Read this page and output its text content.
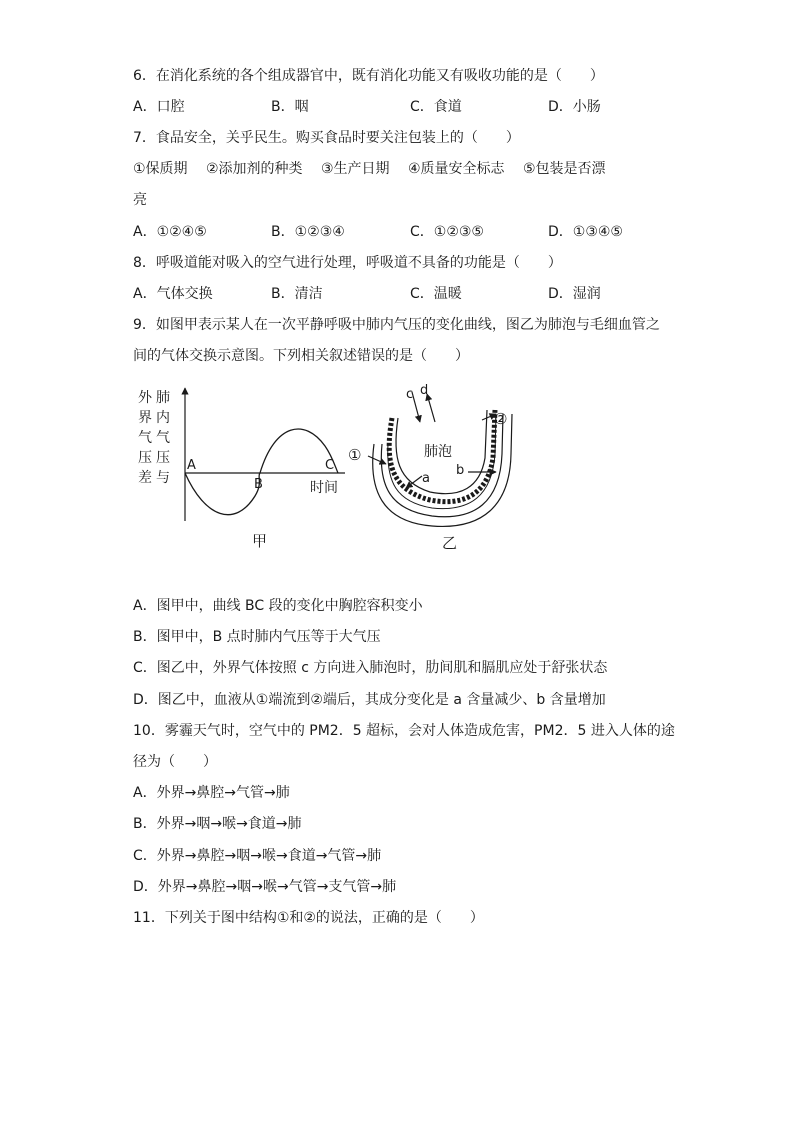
6．在消化系统的各个组成器官中，既有消化功能又有吸收功能的是（　　）
A．口腔	B．咽	C．食道	D．小肠
7．食品安全，关乎民生。购买食品时要关注包装上的（　　）
①保质期　 ②添加剂的种类　 ③生产日期　 ④质量安全标志　 ⑤包装是否漂
亮
A．①②④⑤	B．①②③④	C．①②③⑤	D．①③④⑤
8．呼吸道能对吸入的空气进行处理，呼吸道不具备的功能是（　　）
A．气体交换	B．清洁	C．温暖	D．湿润
9．如图甲表示某人在一次平静呼吸中肺内气压的变化曲线，图乙为肺泡与毛细血管之
间的气体交换示意图。下列相关叙述错误的是（　　）
外
界
气
压
差
肺
内
气
压
与
A
B
C
时间
甲
c d
肺泡
a
b
①
②
乙
A．图甲中，曲线 BC 段的变化中胸腔容积变小
B．图甲中，B 点时肺内气压等于大气压
C．图乙中，外界气体按照 c 方向进入肺泡时，肋间肌和膈肌应处于舒张状态
D．图乙中，血液从①端流到②端后，其成分变化是 a 含量减少、b 含量增加
10．雾霾天气时，空气中的 PM2．5 超标，会对人体造成危害，PM2．5 进入人体的途
径为（　　）
A．外界→鼻腔→气管→肺
B．外界→咽→喉→食道→肺
C．外界→鼻腔→咽→喉→食道→气管→肺
D．外界→鼻腔→咽→喉→气管→支气管→肺
11．下列关于图中结构①和②的说法，正确的是（　　）
